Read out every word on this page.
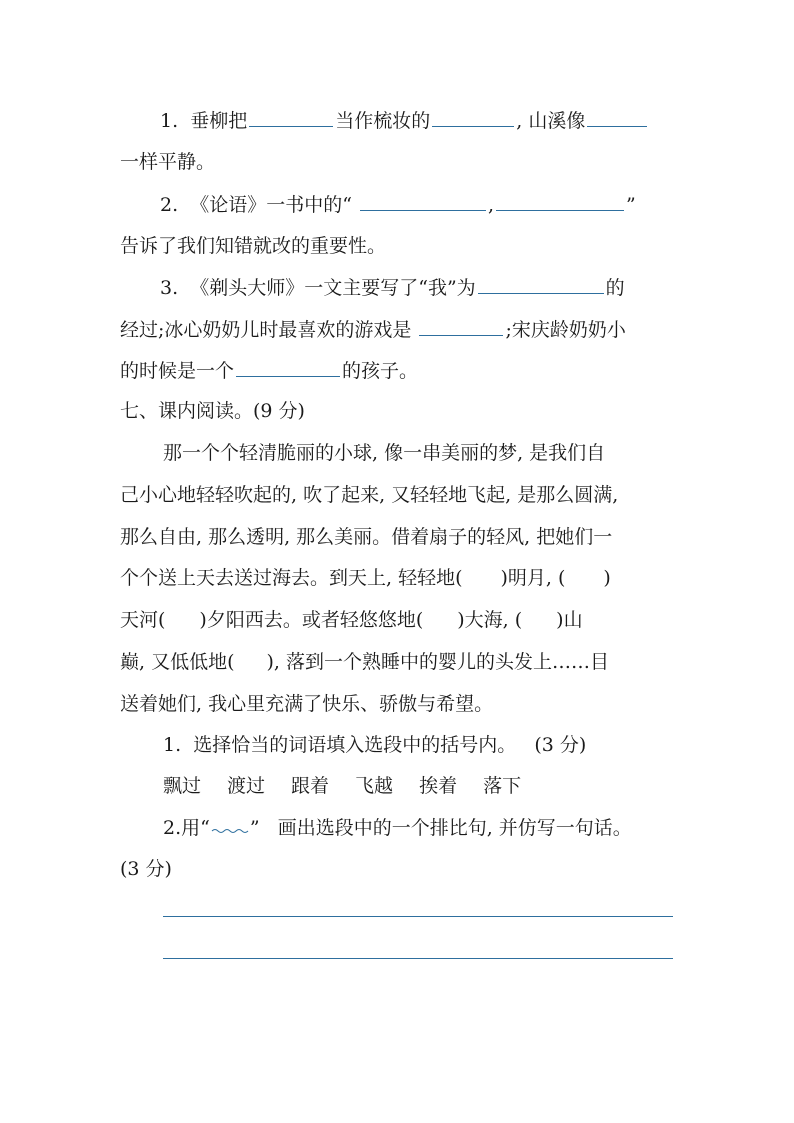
1. 垂柳把	当作梳妆的	, 山溪像
一样平静。
2. 《论语》一书中的“	,	”
告诉了我们知错就改的重要性。
3. 《剃头大师》一文主要写了“我”为	的
经过;冰心奶奶儿时最喜欢的游戏是	;宋庆龄奶奶小
的时候是一个	的孩子。
七、课内阅读。(9 分)
那一个个轻清脆丽的小球, 像一串美丽的梦, 是我们自
己小心地轻轻吹起的, 吹了起来, 又轻轻地飞起, 是那么圆满,
那么自由, 那么透明, 那么美丽。借着扇子的轻风, 把她们一
个个送上天去送过海去。到天上, 轻轻地( )明月, ( )
天河( )夕阳西去。或者轻悠悠地( )大海, ( )山
巅, 又低低地( ), 落到一个熟睡中的婴儿的头发上……目
送着她们, 我心里充满了快乐、骄傲与希望。
1. 选择恰当的词语填入选段中的括号内。 (3 分)
飘过 渡过 跟着 飞越 挨着 落下
2.用“ ” 画出选段中的一个排比句, 并仿写一句话。
(3 分)
